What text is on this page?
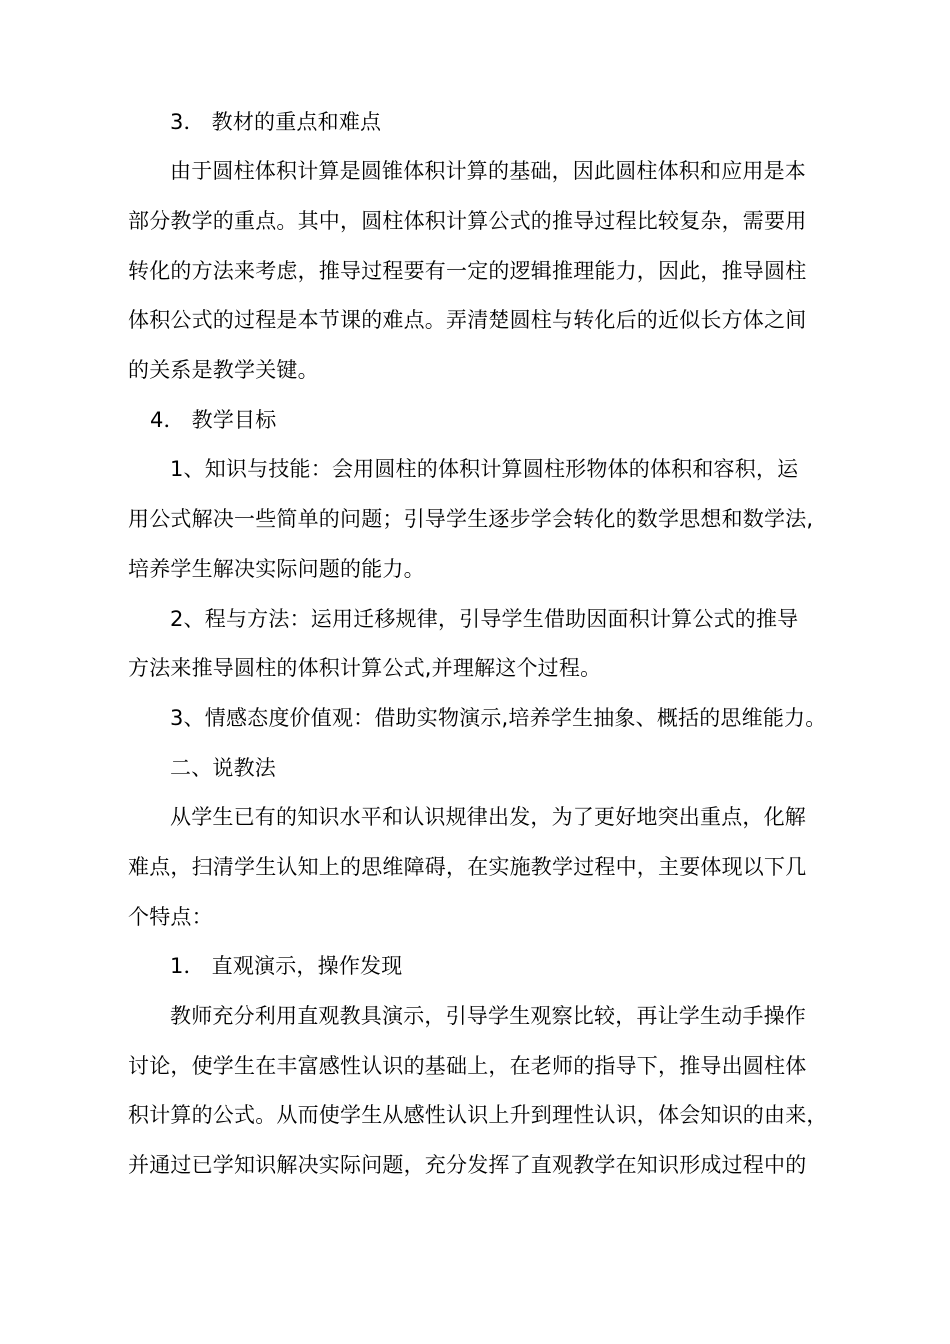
3． 教材的重点和难点
由于圆柱体积计算是圆锥体积计算的基础，因此圆柱体积和应用是本
部分教学的重点。其中，圆柱体积计算公式的推导过程比较复杂，需要用
转化的方法来考虑，推导过程要有一定的逻辑推理能力，因此，推导圆柱
体积公式的过程是本节课的难点。弄清楚圆柱与转化后的近似长方体之间
的关系是教学关键。
4． 教学目标
1、知识与技能：会用圆柱的体积计算圆柱形物体的体积和容积，运
用公式解决一些简单的问题；引导学生逐步学会转化的数学思想和数学法,
培养学生解决实际问题的能力。
2、程与方法：运用迁移规律，引导学生借助因面积计算公式的推导
方法来推导圆柱的体积计算公式,并理解这个过程。
3、情感态度价值观：借助实物演示,培养学生抽象、概括的思维能力。
二、说教法
从学生已有的知识水平和认识规律出发，为了更好地突出重点，化解
难点，扫清学生认知上的思维障碍，在实施教学过程中，主要体现以下几
个特点：
1． 直观演示，操作发现
教师充分利用直观教具演示，引导学生观察比较，再让学生动手操作
讨论，使学生在丰富感性认识的基础上，在老师的指导下，推导出圆柱体
积计算的公式。从而使学生从感性认识上升到理性认识，体会知识的由来，
并通过已学知识解决实际问题，充分发挥了直观教学在知识形成过程中的
